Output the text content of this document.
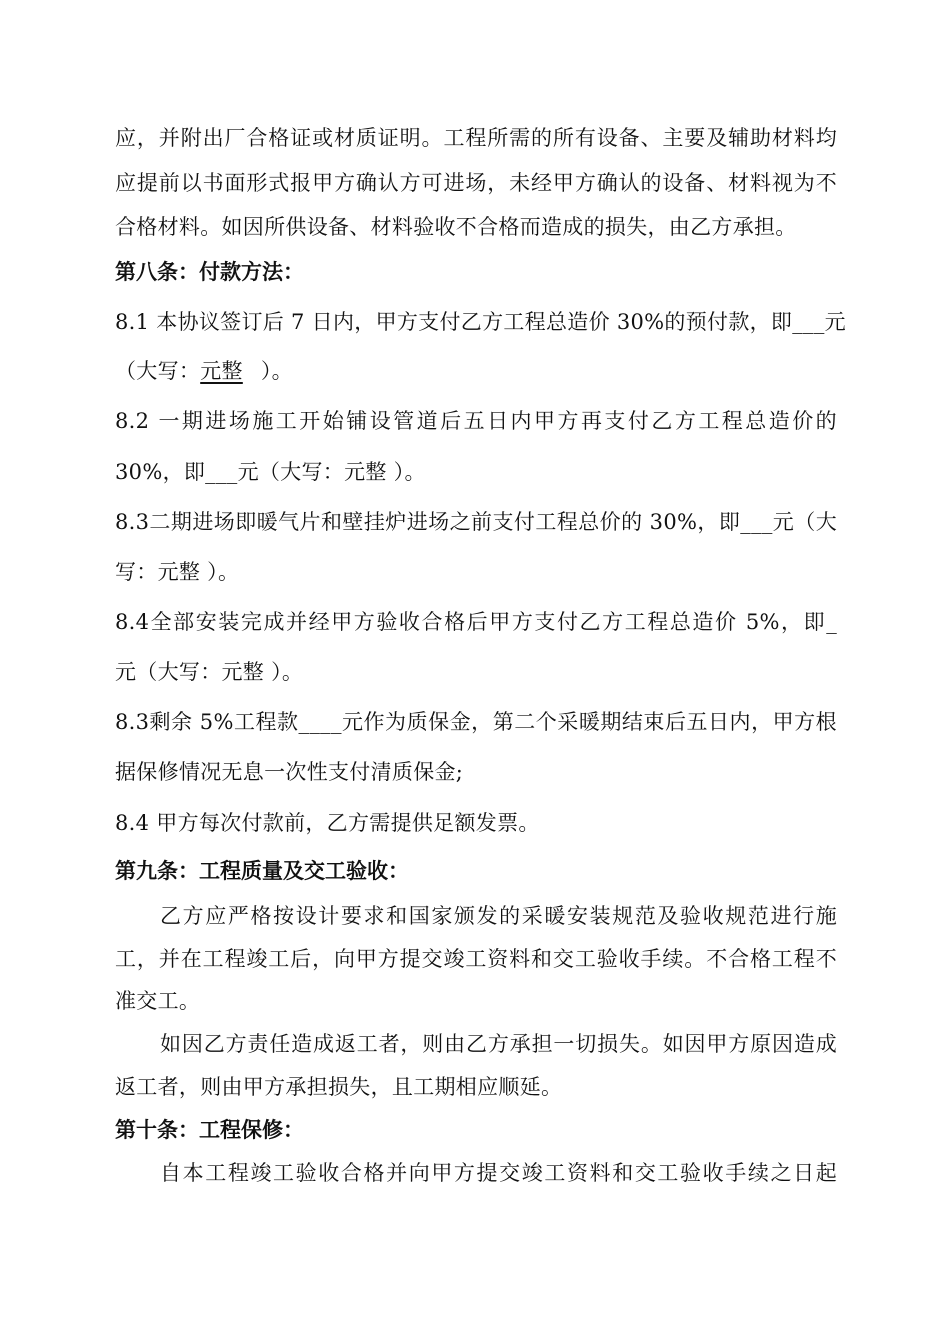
应，并附出厂合格证或材质证明。工程所需的所有设备、主要及辅助材料均
应提前以书面形式报甲方确认方可进场，未经甲方确认的设备、材料视为不
合格材料。如因所供设备、材料验收不合格而造成的损失，由乙方承担。
第八条：付款方法：
8.1 本协议签订后 7 日内，甲方支付乙方工程总造价 30%的预付款，即___元
（大写：元整 ）。
8.2 一期进场施工开始铺设管道后五日内甲方再支付乙方工程总造价的
30%，即___元（大写：元整 ）。
8.3二期进场即暖气片和壁挂炉进场之前支付工程总价的 30%，即___元（大
写：元整 ）。
8.4全部安装完成并经甲方验收合格后甲方支付乙方工程总造价 5%，即_
元（大写：元整 ）。
8.3剩余 5%工程款____元作为质保金，第二个采暖期结束后五日内，甲方根
据保修情况无息一次性支付清质保金;
8.4 甲方每次付款前，乙方需提供足额发票。
第九条：工程质量及交工验收：
乙方应严格按设计要求和国家颁发的采暖安装规范及验收规范进行施
工，并在工程竣工后，向甲方提交竣工资料和交工验收手续。不合格工程不
准交工。
如因乙方责任造成返工者，则由乙方承担一切损失。如因甲方原因造成
返工者，则由甲方承担损失，且工期相应顺延。
第十条：工程保修：
自本工程竣工验收合格并向甲方提交竣工资料和交工验收手续之日起
